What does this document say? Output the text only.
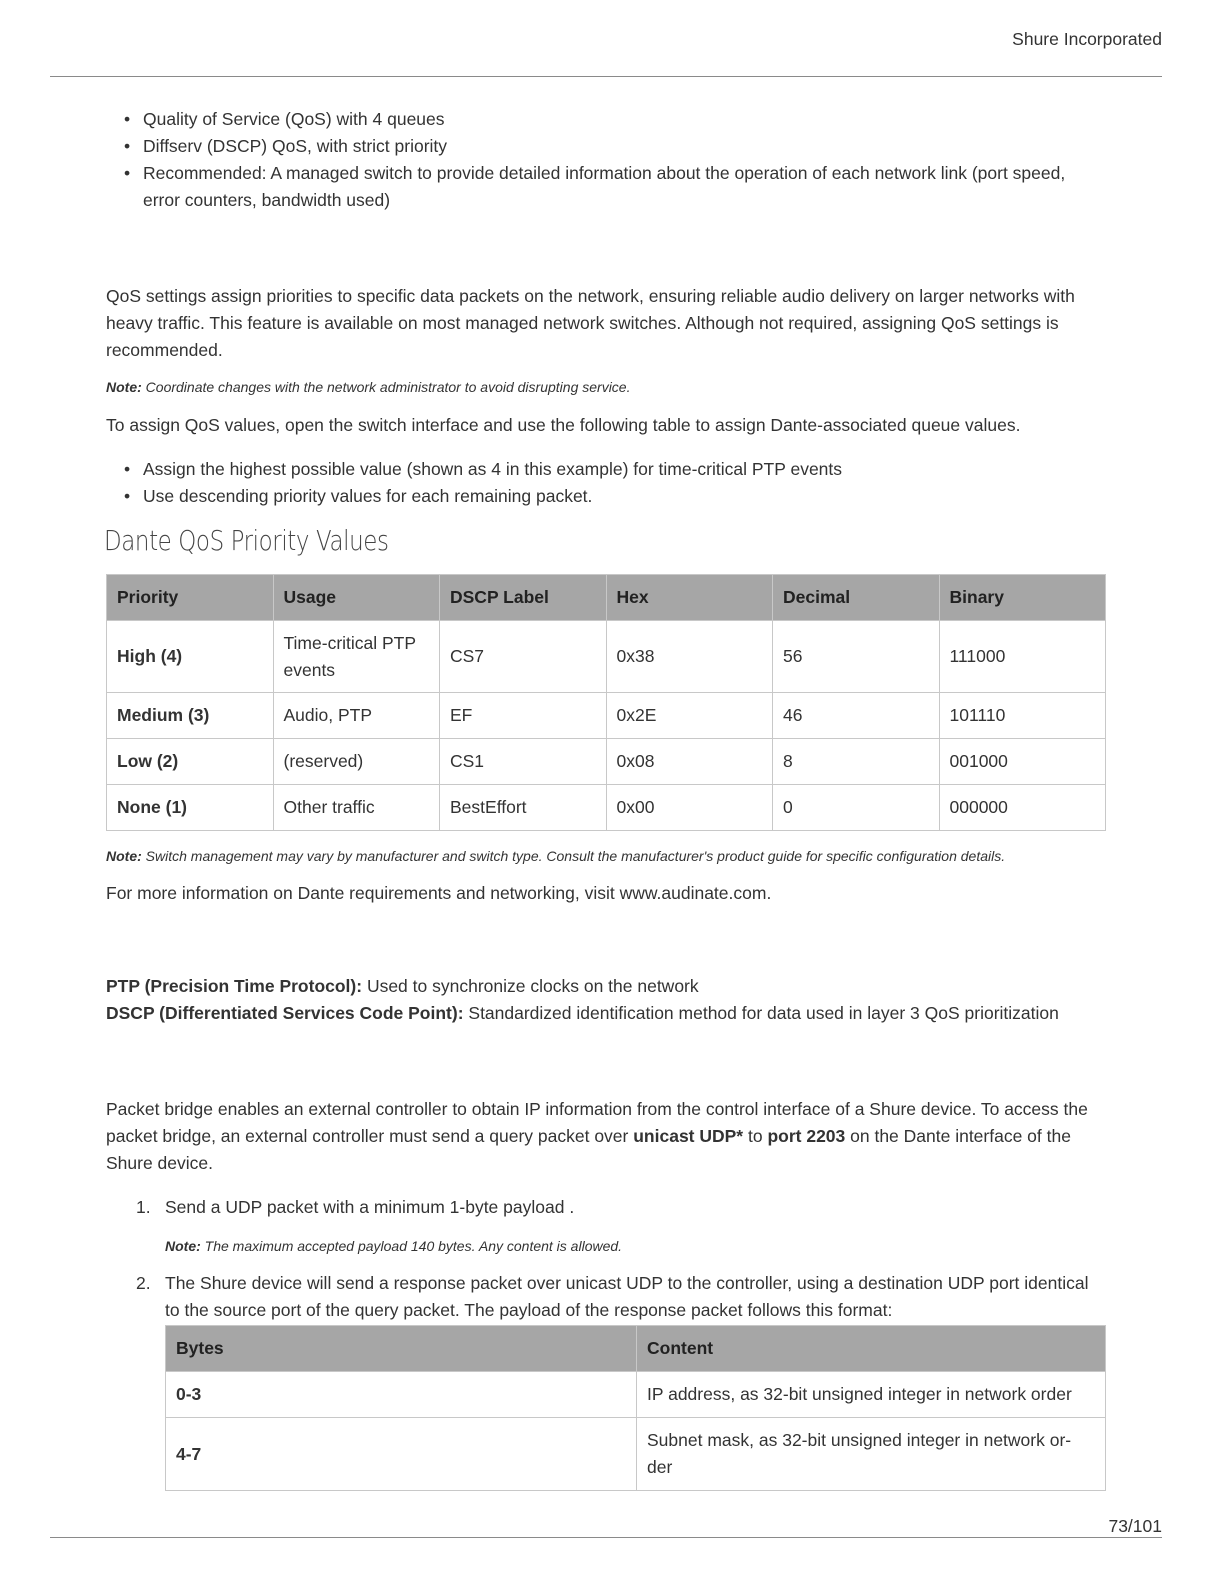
Shure Incorporated
• Quality of Service (QoS) with 4 queues
• Diffserv (DSCP) QoS, with strict priority
• Recommended: A managed switch to provide detailed information about the operation of each network link (port speed, error counters, bandwidth used)

QoS settings assign priorities to specific data packets on the network, ensuring reliable audio delivery on larger networks with heavy traffic. This feature is available on most managed network switches. Although not required, assigning QoS settings is recommended.

Note: Coordinate changes with the network administrator to avoid disrupting service.

To assign QoS values, open the switch interface and use the following table to assign Dante-associated queue values.

• Assign the highest possible value (shown as 4 in this example) for time-critical PTP events
• Use descending priority values for each remaining packet.
Dante QoS Priority Values
Priority	Usage	DSCP Label	Hex	Decimal	Binary
High (4)	Time-critical PTP events	CS7	0x38	56	111000
Medium (3)	Audio, PTP	EF	0x2E	46	101110
Low (2)	(reserved)	CS1	0x08	8	001000
None (1)	Other traffic	BestEffort	0x00	0	000000
Note: Switch management may vary by manufacturer and switch type. Consult the manufacturer's product guide for specific configuration details.

For more information on Dante requirements and networking, visit www.audinate.com.

PTP (Precision Time Protocol): Used to synchronize clocks on the network
DSCP (Differentiated Services Code Point): Standardized identification method for data used in layer 3 QoS prioritization

Packet bridge enables an external controller to obtain IP information from the control interface of a Shure device. To access the packet bridge, an external controller must send a query packet over unicast UDP* to port 2203 on the Dante interface of the Shure device.

1. Send a UDP packet with a minimum 1-byte payload .
Note: The maximum accepted payload 140 bytes. Any content is allowed.
2. The Shure device will send a response packet over unicast UDP to the controller, using a destination UDP port identical to the source port of the query packet. The payload of the response packet follows this format:
Bytes	Content
0-3	IP address, as 32-bit unsigned integer in network order
4-7	Subnet mask, as 32-bit unsigned integer in network or-der
73/101
